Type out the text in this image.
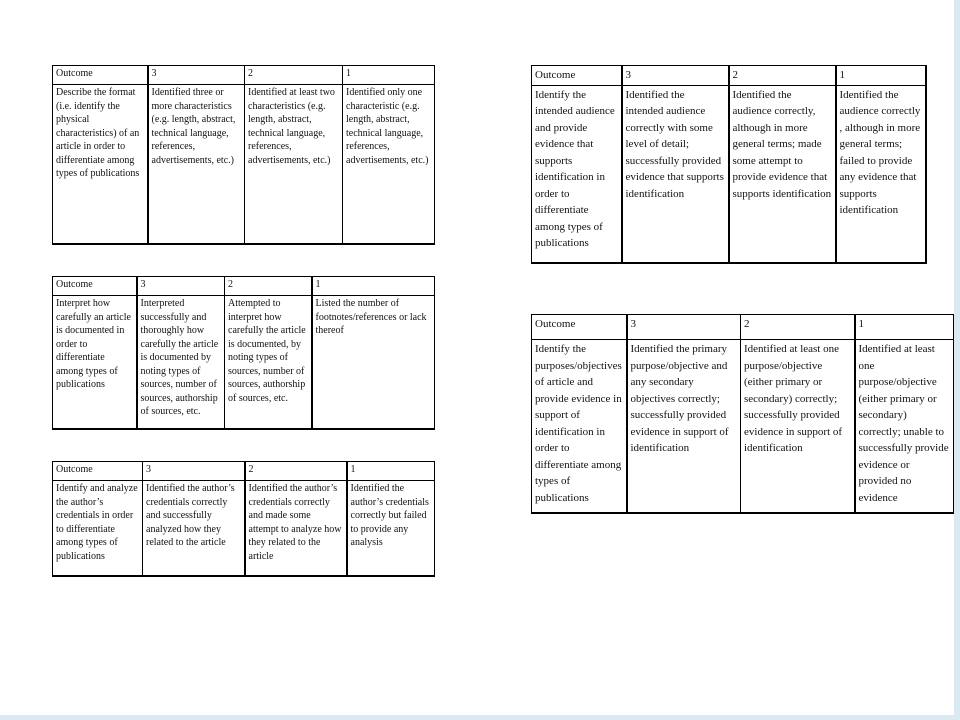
Outcome	3	2	1
Describe the format (i.e. identify the physical characteristics) of an article in order to differentiate among types of publications	Identified three or more characteristics (e.g. length, abstract, technical language, references, advertisements, etc.)	Identified at least two characteristics (e.g. length, abstract, technical language, references, advertisements, etc.)	Identified only one characteristic (e.g. length, abstract, technical language, references, advertisements, etc.)
Outcome	3	2	1
Interpret how carefully an article is documented in order to differentiate among types of publications	Interpreted successfully and thoroughly how carefully the article is documented by noting types of sources, number of sources, authorship of sources, etc.	Attempted to interpret how carefully the article is documented, by noting types of sources, number of sources, authorship of sources, etc.	Listed the number of footnotes/references or lack thereof
Outcome	3	2	1
Identify and analyze the author’s credentials in order to differentiate among types of publications	Identified the author’s credentials correctly and successfully analyzed how they related to the article	Identified the author’s credentials correctly and made some attempt to analyze how they related to the article	Identified the author’s credentials correctly but failed to provide any analysis
Outcome	3	2	1
Identify the intended audience and provide evidence that supports identification in order to differentiate among types of publications	Identified the intended audience correctly with some level of detail; successfully provided evidence that supports identification	Identified the audience correctly, although in more general terms; made some attempt to provide evidence that supports identification	Identified the audience correctly , although in more general terms; failed to provide any evidence that supports identification
Outcome	3	2	1
Identify the purposes/objectives of article and provide evidence in support of identification in order to differentiate among types of publications	Identified the primary purpose/objective and any secondary objectives correctly; successfully provided evidence in support of identification	Identified at least one purpose/objective (either primary or secondary) correctly; successfully provided evidence in support of identification	Identified at least one purpose/objective (either primary or secondary) correctly; unable to successfully provide evidence or provided no evidence
